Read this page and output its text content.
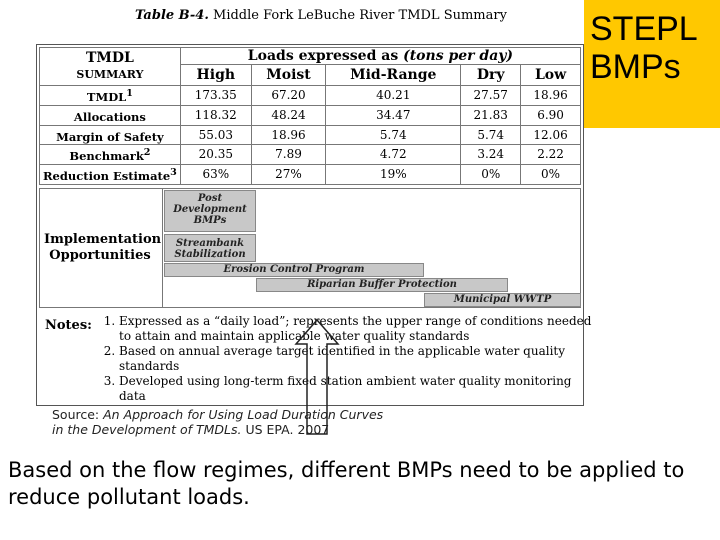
Table B-4. Middle Fork LeBuche River TMDL Summary
TMDL
SUMMARY	Loads expressed as (tons per day)				
	High	Moist	Mid-Range	Dry	Low
TMDL$^1$	173.35	67.20	40.21	27.57	18.96
Allocations	118.32	48.24	34.47	21.83	6.90
Margin of Safety	55.03	18.96	5.74	5.74	12.06
Benchmark$^2$	20.35	7.89	4.72	3.24	2.22
Reduction Estimate$^3$	63%	27%	19%	0%	0%
Implementation
Opportunities
Post
Development
BMPs
Streambank
Stabilization
Erosion Control Program
Riparian Buffer Protection
Municipal WWTP
Notes: 1. Expressed as a “daily load”; represents the upper range of conditions needed to attain and maintain applicable water quality standards
2. Based on annual average target identified in the applicable water quality standards
3. Developed using long-term fixed station ambient water quality monitoring data
Source: An Approach for Using Load Duration Curves
in the Development of TMDLs. US EPA. 2007
STEPL
BMPs
Based on the flow regimes, different BMPs need to be applied to reduce pollutant loads.
